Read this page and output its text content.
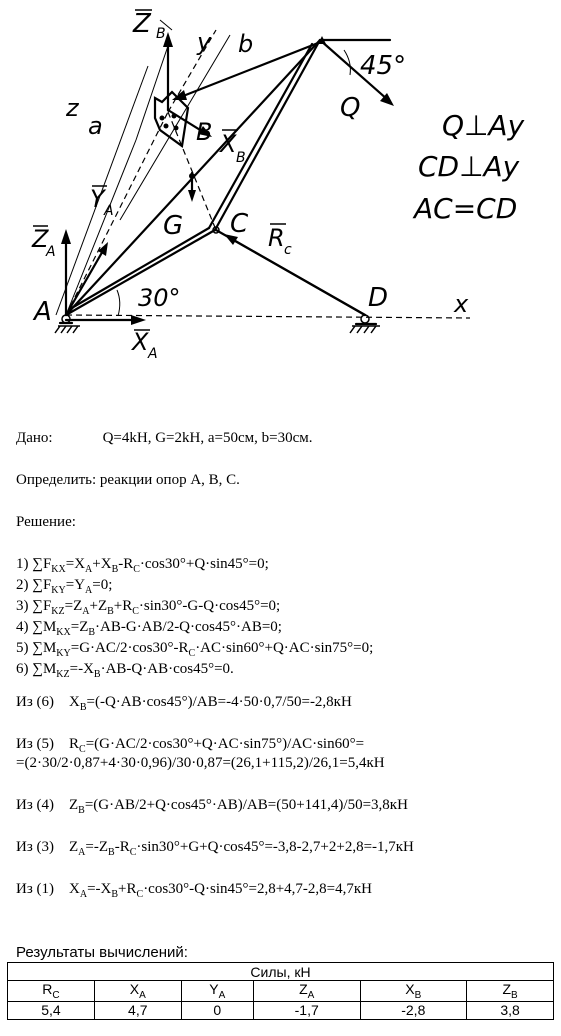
Z B y b
a
z
45°
Q
B X B
Y A
Z
A
G C R c
A	30°	D	x
X A
Q⊥Ay
CD⊥Ay
AC=CD
Дано:	Q=4kH, G=2kH, a=50см, b=30см.
Определить: реакции опор A, B, C.
Решение:
1) $\sum F_{KX}=X_A+X_B-R_C\cdot\cos 30^\circ+Q\cdot\sin 45^\circ=0$;
2) $\sum F_{KY}=Y_A=0$;
3) $\sum F_{KZ}=Z_A+Z_B+R_C\cdot\sin 30^\circ-G-Q\cdot\cos 45^\circ=0$;
4) $\sum M_{KX}=Z_B\cdot AB-G\cdot AB/2-Q\cdot\cos 45^\circ\cdot AB=0$;
5) $\sum M_{KY}=G\cdot AC/2\cdot\cos 30^\circ-R_C\cdot AC\cdot\sin 60^\circ+Q\cdot AC\cdot\sin 75^\circ=0$;
6) $\sum M_{KZ}=-X_B\cdot AB-Q\cdot AB\cdot\cos 45^\circ=0$.
Из (6)    $X_B=(-Q\cdot AB\cdot\cos 45^\circ)/AB=-4\cdot 50\cdot 0,7/50=-2,8кН$
Из (5)    $R_C=(G\cdot AC/2\cdot\cos 30^\circ+Q\cdot AC\cdot\sin 75^\circ)/AC\cdot\sin 60^\circ=$
=(2·30/2·0,87+4·30·0,96)/30·0,87=(26,1+115,2)/26,1=5,4кН
Из (4)    $Z_B=(G\cdot AB/2+Q\cdot\cos 45^\circ\cdot AB)/AB=(50+141,4)/50=3,8кН$
Из (3)    $Z_A=-Z_B-R_C\cdot\sin 30^\circ+G+Q\cdot\cos 45^\circ=-3,8-2,7+2+2,8=-1,7кН$
Из (1)    $X_A=-X_B+R_C\cdot\cos 30^\circ-Q\cdot\sin 45^\circ=2,8+4,7-2,8=4,7кН$
Результаты вычислений:
Силы, кН					
$R_C$	$X_A$	$Y_A$	$Z_A$	$X_B$	$Z_B$
5,4	4,7	0	-1,7	-2,8	3,8
